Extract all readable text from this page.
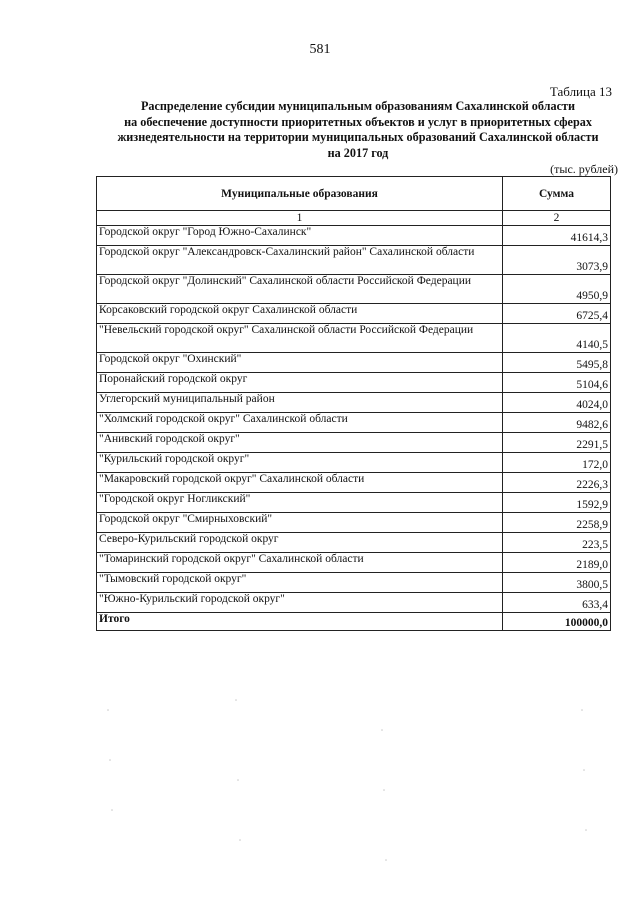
581
Таблица 13
Распределение субсидии муниципальным образованиям Сахалинской области
на обеспечение доступности приоритетных объектов и услуг в приоритетных сферах
жизнедеятельности на территории муниципальных образований Сахалинской области
на 2017 год
(тыс. рублей)
Муниципальные образования	Сумма
1	2
Городской округ "Город Южно-Сахалинск"	41614,3
Городской округ "Александровск-Сахалинский район" Сахалинской области	3073,9
Городской округ "Долинский" Сахалинской области Российской Федерации	4950,9
Корсаковский городской округ Сахалинской области	6725,4
"Невельский городской округ" Сахалинской области Российской Федерации	4140,5
Городской округ "Охинский"	5495,8
Поронайский городской округ	5104,6
Углегорский муниципальный район	4024,0
"Холмский городской округ" Сахалинской области	9482,6
"Анивский городской округ"	2291,5
"Курильский городской округ"	172,0
"Макаровский городской округ" Сахалинской области	2226,3
"Городской округ Ногликский"	1592,9
Городской округ "Смирныховский"	2258,9
Северо-Курильский городской округ	223,5
"Томаринский городской округ" Сахалинской области	2189,0
"Тымовский городской округ"	3800,5
"Южно-Курильский городской округ"	633,4
Итого	100000,0
